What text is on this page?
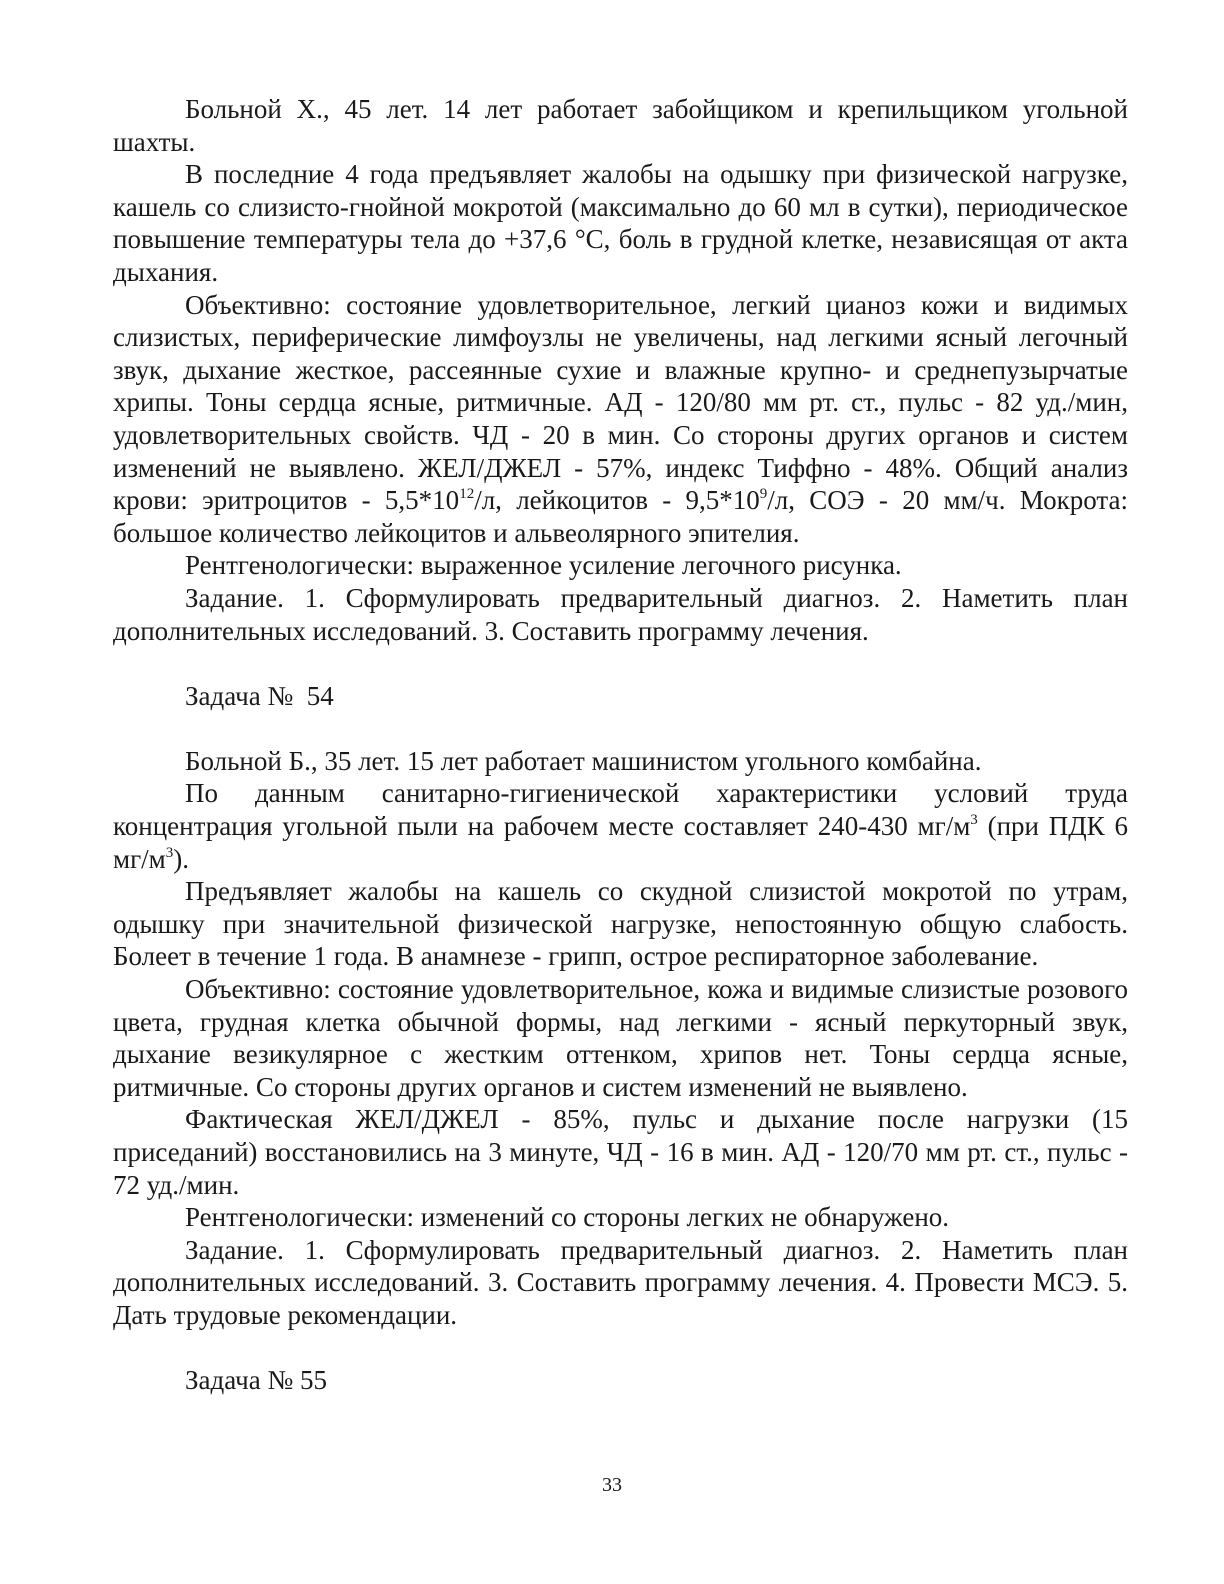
Больной Х., 45 лет. 14 лет работает забойщиком и крепильщиком угольной шахты.

В последние 4 года предъявляет жалобы на одышку при физической нагрузке, кашель со слизисто-гнойной мокротой (максимально до 60 мл в сутки), периодическое повышение температуры тела до +37,6 °С, боль в грудной клетке, независящая от акта дыхания.

Объективно: состояние удовлетворительное, легкий цианоз кожи и видимых слизистых, периферические лимфоузлы не увеличены, над легкими ясный легочный звук, дыхание жесткое, рассеянные сухие и влажные крупно- и среднепузырчатые хрипы. Тоны сердца ясные, ритмичные. АД - 120/80 мм рт. ст., пульс - 82 уд./мин, удовлетворительных свойств. ЧД - 20 в мин. Со стороны других органов и систем изменений не выявлено. ЖЕЛ/ДЖЕЛ - 57%, индекс Тиффно - 48%. Общий анализ крови: эритроцитов - $5,5*10^{12}/л$, лейкоцитов - $9,5*10^9/л$, СОЭ - 20 мм/ч. Мокрота: большое количество лейкоцитов и альвеолярного эпителия.

Рентгенологически: выраженное усиление легочного рисунка.

Задание. 1. Сформулировать предварительный диагноз. 2. Наметить план дополнительных исследований. 3. Составить программу лечения.

Задача №  54

Больной Б., 35 лет. 15 лет работает машинистом угольного комбайна.

По данным санитарно-гигиенической характеристики условий труда концентрация угольной пыли на рабочем месте составляет 240-430 $мг/м^3$ (при ПДК 6 $мг/м^3$).

Предъявляет жалобы на кашель со скудной слизистой мокротой по утрам, одышку при значительной физической нагрузке, непостоянную общую слабость. Болеет в течение 1 года. В анамнезе - грипп, острое респираторное заболевание.

Объективно: состояние удовлетворительное, кожа и видимые слизистые розового цвета, грудная клетка обычной формы, над легкими - ясный перкуторный звук, дыхание везикулярное с жестким оттенком, хрипов нет. Тоны сердца ясные, ритмичные. Со стороны других органов и систем изменений не выявлено.

Фактическая ЖЕЛ/ДЖЕЛ - 85%, пульс и дыхание после нагрузки (15 приседаний) восстановились на 3 минуте, ЧД - 16 в мин. АД - 120/70 мм рт. ст., пульс - 72 уд./мин.

Рентгенологически: изменений со стороны легких не обнаружено.

Задание. 1. Сформулировать предварительный диагноз. 2. Наметить план дополнительных исследований. 3. Составить программу лечения. 4. Провести МСЭ. 5. Дать трудовые рекомендации.

Задача № 55

33
